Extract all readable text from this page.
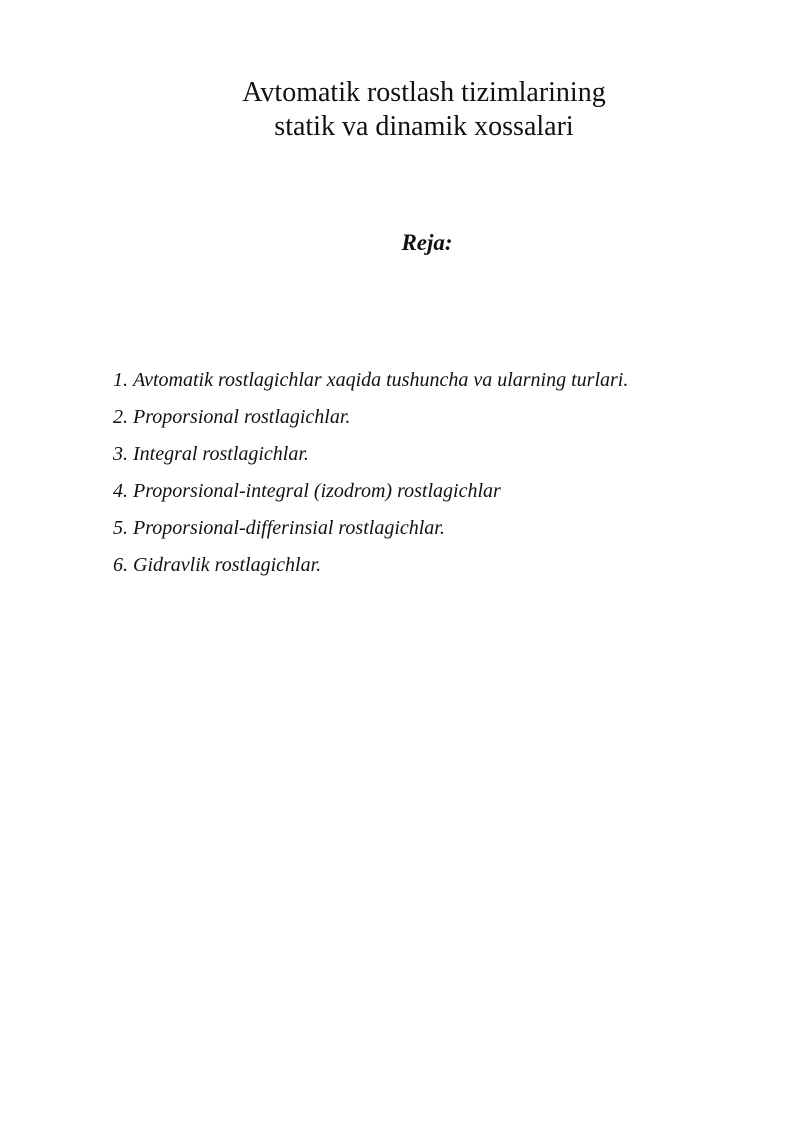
Avtomatik rostlash tizimlarining
statik va dinamik xossalari
Reja:
1. Avtomatik rostlagichlar xaqida tushuncha va ularning turlari.
2. Proporsional rostlagichlar.
3. Integral rostlagichlar.
4. Proporsional-integral (izodrom) rostlagichlar
5. Proporsional-differinsial rostlagichlar.
6. Gidravlik rostlagichlar.
